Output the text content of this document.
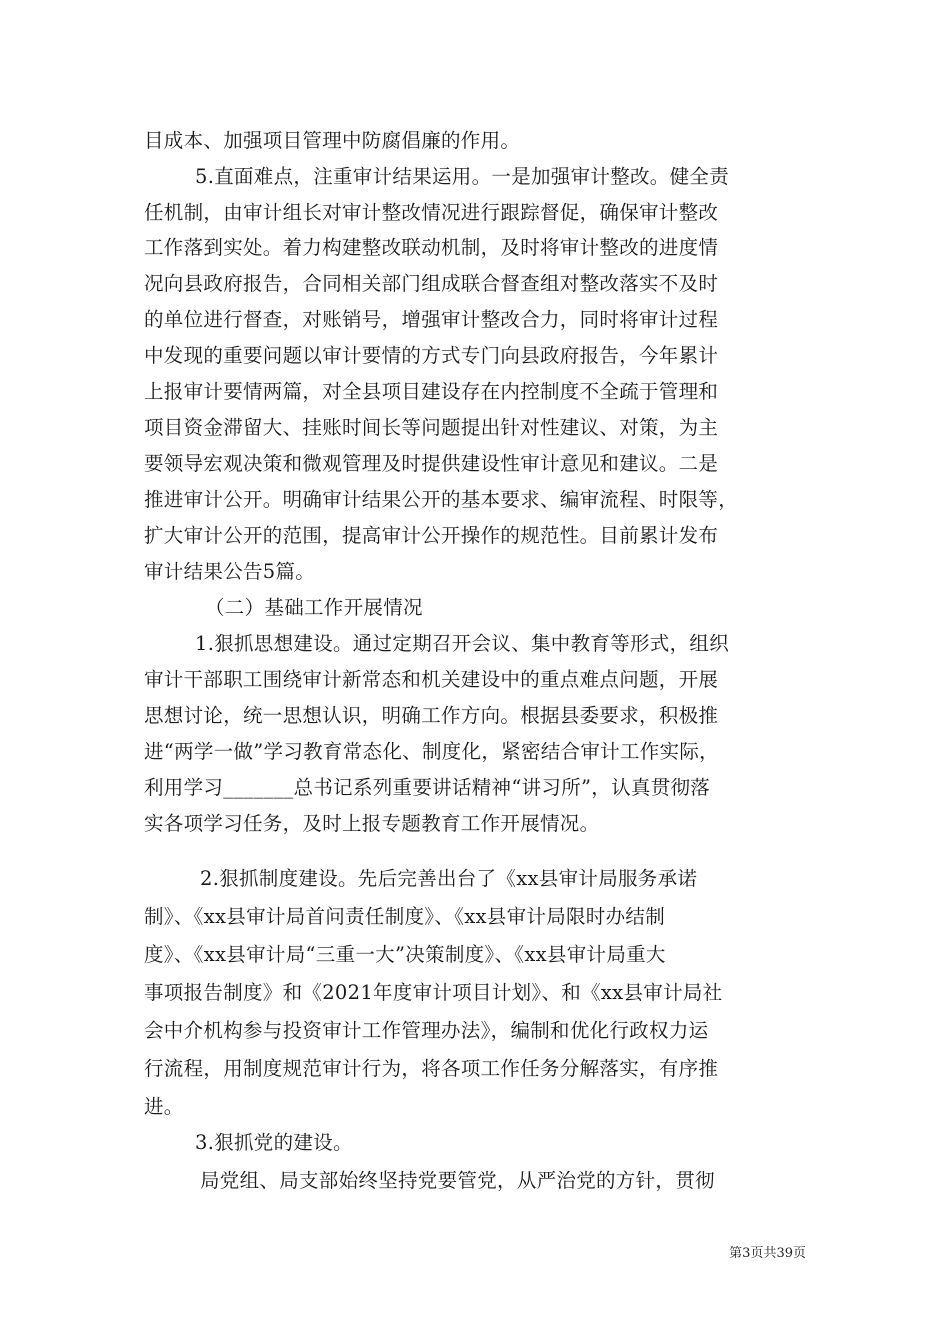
目成本、加强项目管理中防腐倡廉的作用。
5.直面难点，注重审计结果运用。一是加强审计整改。健全责
任机制，由审计组长对审计整改情况进行跟踪督促，确保审计整改
工作落到实处。着力构建整改联动机制，及时将审计整改的进度情
况向县政府报告，合同相关部门组成联合督查组对整改落实不及时
的单位进行督查，对账销号，增强审计整改合力，同时将审计过程
中发现的重要问题以审计要情的方式专门向县政府报告，今年累计
上报审计要情两篇，对全县项目建设存在内控制度不全疏于管理和
项目资金滞留大、挂账时间长等问题提出针对性建议、对策，为主
要领导宏观决策和微观管理及时提供建设性审计意见和建议。二是
推进审计公开。明确审计结果公开的基本要求、编审流程、时限等，
扩大审计公开的范围，提高审计公开操作的规范性。目前累计发布
审计结果公告5篇。
（二）基础工作开展情况
1.狠抓思想建设。通过定期召开会议、集中教育等形式，组织
审计干部职工围绕审计新常态和机关建设中的重点难点问题，开展
思想讨论，统一思想认识，明确工作方向。根据县委要求，积极推
进“两学一做”学习教育常态化、制度化，紧密结合审计工作实际，
利用学习_______总书记系列重要讲话精神“讲习所”，认真贯彻落
实各项学习任务，及时上报专题教育工作开展情况。
2.狠抓制度建设。先后完善出台了《xx县审计局服务承诺
制》、《xx县审计局首问责任制度》、《xx县审计局限时办结制
度》、《xx县审计局“三重一大”决策制度》、《xx县审计局重大
事项报告制度》和《2021年度审计项目计划》、和《xx县审计局社
会中介机构参与投资审计工作管理办法》，编制和优化行政权力运
行流程，用制度规范审计行为，将各项工作任务分解落实，有序推
进。
3.狠抓党的建设。
局党组、局支部始终坚持党要管党，从严治党的方针，贯彻
第3页共39页
